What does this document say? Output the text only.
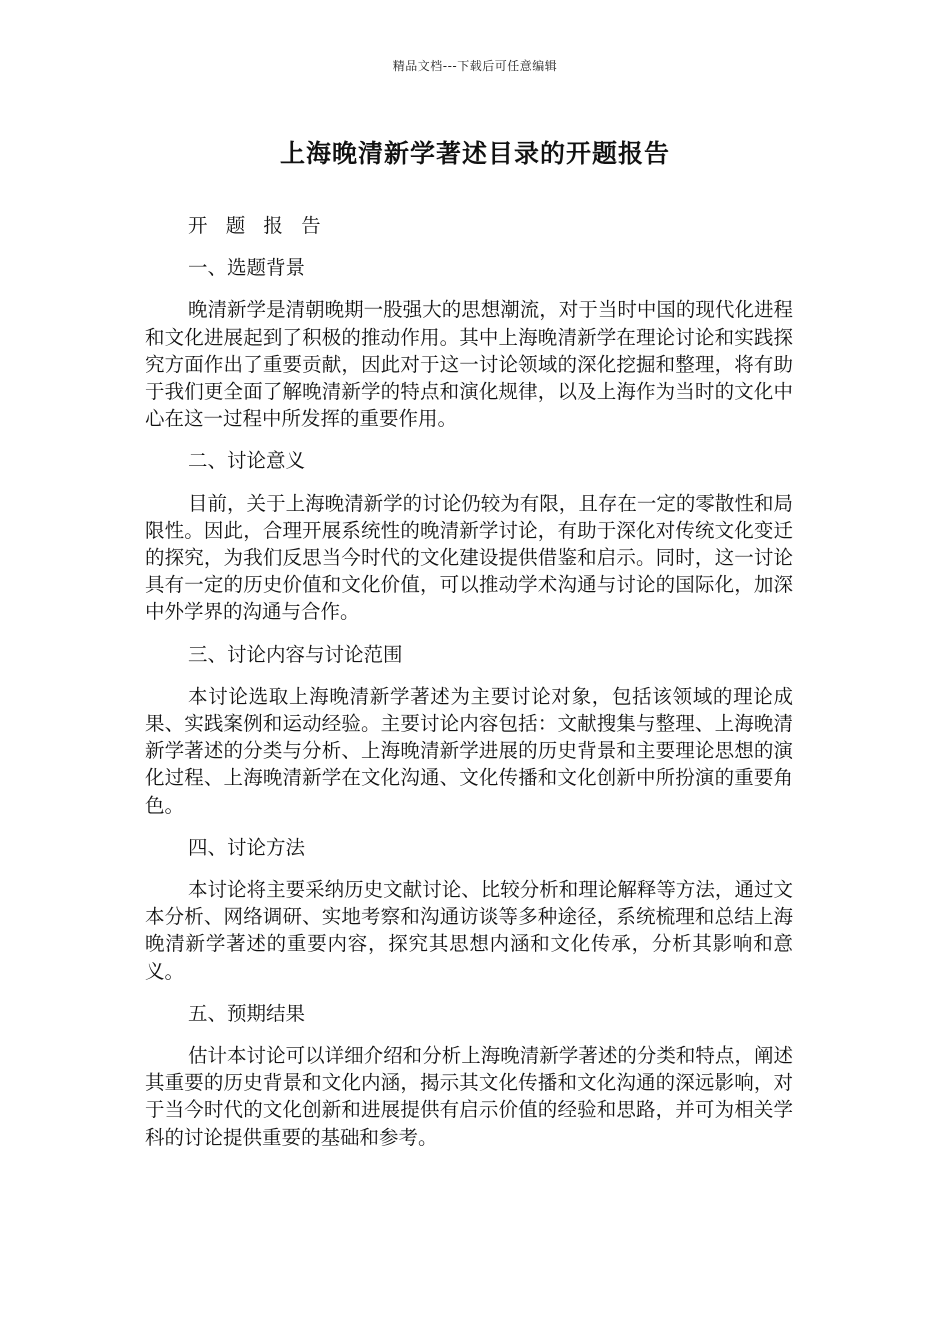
精品文档---下载后可任意编辑
上海晚清新学著述目录的开题报告

开 题 报 告

一、选题背景

晚清新学是清朝晚期一股强大的思想潮流，对于当时中国的现代化进程和文化进展起到了积极的推动作用。其中上海晚清新学在理论讨论和实践探究方面作出了重要贡献，因此对于这一讨论领域的深化挖掘和整理，将有助于我们更全面了解晚清新学的特点和演化规律，以及上海作为当时的文化中心在这一过程中所发挥的重要作用。

二、讨论意义

目前，关于上海晚清新学的讨论仍较为有限，且存在一定的零散性和局限性。因此，合理开展系统性的晚清新学讨论，有助于深化对传统文化变迁的探究，为我们反思当今时代的文化建设提供借鉴和启示。同时，这一讨论具有一定的历史价值和文化价值，可以推动学术沟通与讨论的国际化，加深中外学界的沟通与合作。

三、讨论内容与讨论范围

本讨论选取上海晚清新学著述为主要讨论对象，包括该领域的理论成果、实践案例和运动经验。主要讨论内容包括：文献搜集与整理、上海晚清新学著述的分类与分析、上海晚清新学进展的历史背景和主要理论思想的演化过程、上海晚清新学在文化沟通、文化传播和文化创新中所扮演的重要角色。

四、讨论方法

本讨论将主要采纳历史文献讨论、比较分析和理论解释等方法，通过文本分析、网络调研、实地考察和沟通访谈等多种途径，系统梳理和总结上海晚清新学著述的重要内容，探究其思想内涵和文化传承，分析其影响和意义。

五、预期结果

估计本讨论可以详细介绍和分析上海晚清新学著述的分类和特点，阐述其重要的历史背景和文化内涵，揭示其文化传播和文化沟通的深远影响，对于当今时代的文化创新和进展提供有启示价值的经验和思路，并可为相关学科的讨论提供重要的基础和参考。
